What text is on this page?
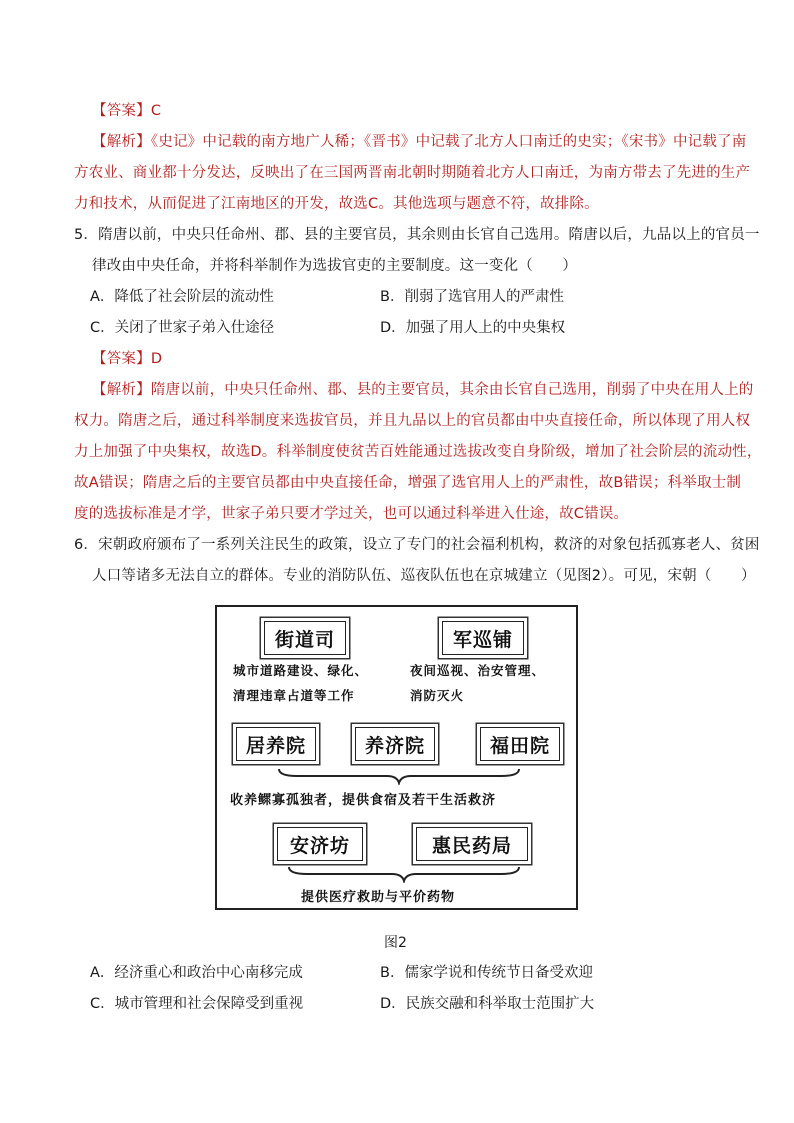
【答案】C
【解析】《史记》中记载的南方地广人稀；《晋书》中记载了北方人口南迁的史实；《宋书》中记载了南
方农业、商业都十分发达，反映出了在三国两晋南北朝时期随着北方人口南迁，为南方带去了先进的生产
力和技术，从而促进了江南地区的开发，故选C。其他选项与题意不符，故排除。
5．隋唐以前，中央只任命州、郡、县的主要官员，其余则由长官自己选用。隋唐以后，九品以上的官员一
律改由中央任命，并将科举制作为选拔官吏的主要制度。这一变化（　　）
A．降低了社会阶层的流动性	B．削弱了选官用人的严肃性
C．关闭了世家子弟入仕途径	D．加强了用人上的中央集权
【答案】D
【解析】隋唐以前，中央只任命州、郡、县的主要官员，其余由长官自己选用，削弱了中央在用人上的
权力。隋唐之后，通过科举制度来选拔官员，并且九品以上的官员都由中央直接任命，所以体现了用人权
力上加强了中央集权，故选D。科举制度使贫苦百姓能通过选拔改变自身阶级，增加了社会阶层的流动性，
故A错误；隋唐之后的主要官员都由中央直接任命，增强了选官用人上的严肃性，故B错误；科举取士制
度的选拔标准是才学，世家子弟只要才学过关，也可以通过科举进入仕途，故C错误。
6．宋朝政府颁布了一系列关注民生的政策，设立了专门的社会福利机构，救济的对象包括孤寡老人、贫困
人口等诸多无法自立的群体。专业的消防队伍、巡夜队伍也在京城建立（见图2）。可见，宋朝（　　）
街道司	军巡铺
城市道路建设、绿化、
清理违章占道等工作
夜间巡视、治安管理、
消防灭火
居养院	养济院	福田院
收养鳏寡孤独者，提供食宿及若干生活救济
安济坊	惠民药局
提供医疗救助与平价药物
图2
A．经济重心和政治中心南移完成	B．儒家学说和传统节日备受欢迎
C．城市管理和社会保障受到重视	D．民族交融和科举取士范围扩大
